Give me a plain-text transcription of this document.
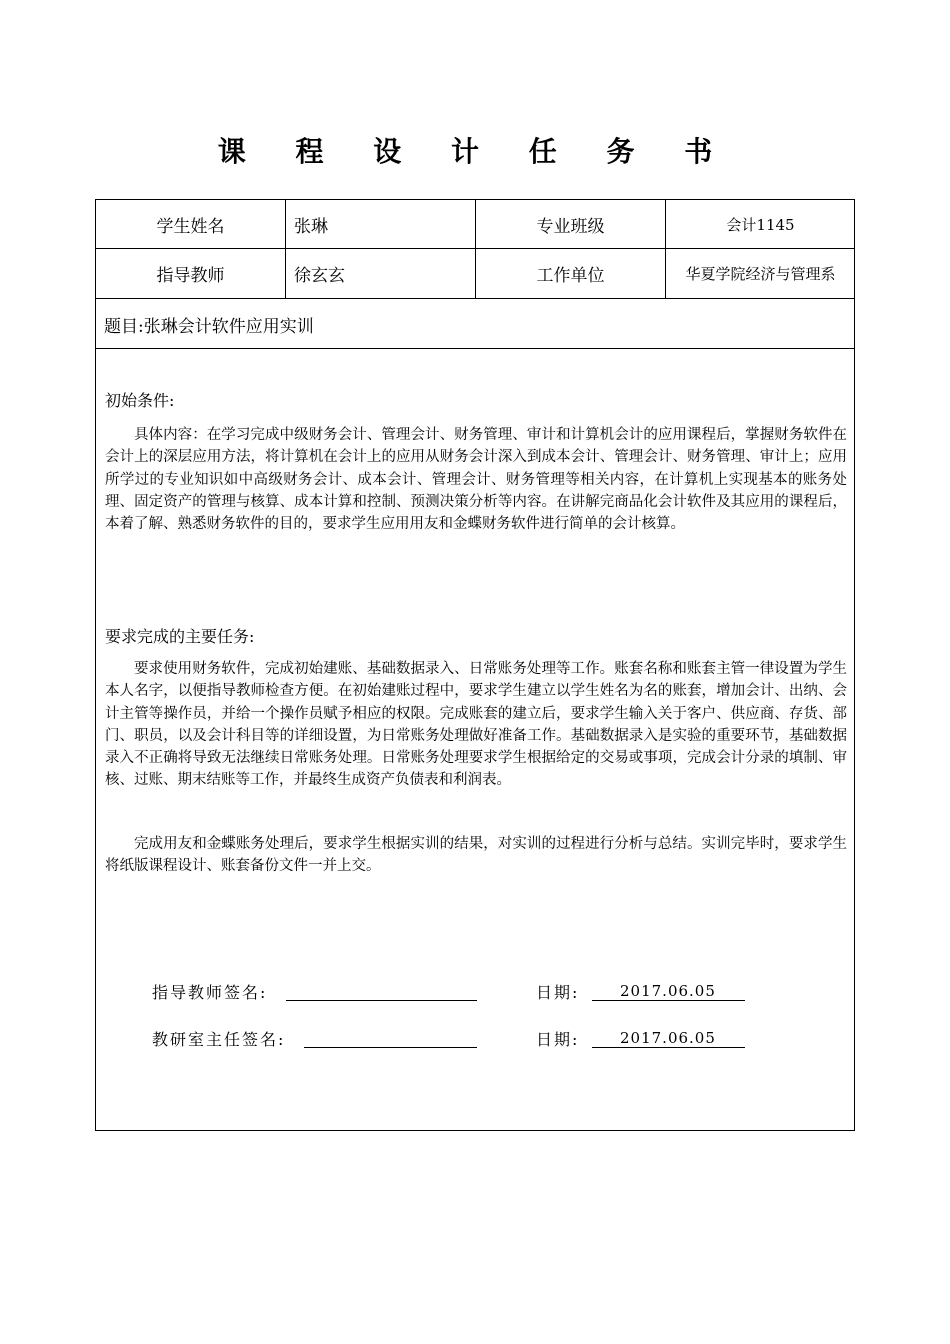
课 程 设 计 任 务 书
学生姓名	张琳	专业班级	会计1145
指导教师	徐玄玄	工作单位	华夏学院经济与管理系
题目:张琳会计软件应用实训
初始条件:

具体内容：在学习完成中级财务会计、管理会计、财务管理、审计和计算机会计的应用课程后，掌握财务软件在会计上的深层应用方法，将计算机在会计上的应用从财务会计深入到成本会计、管理会计、财务管理、审计上；应用所学过的专业知识如中高级财务会计、成本会计、管理会计、财务管理等相关内容，在计算机上实现基本的账务处理、固定资产的管理与核算、成本计算和控制、预测决策分析等内容。在讲解完商品化会计软件及其应用的课程后，本着了解、熟悉财务软件的目的，要求学生应用用友和金蝶财务软件进行简单的会计核算。

要求完成的主要任务:

要求使用财务软件，完成初始建账、基础数据录入、日常账务处理等工作。账套名称和账套主管一律设置为学生本人名字，以便指导教师检查方便。在初始建账过程中，要求学生建立以学生姓名为名的账套，增加会计、出纳、会计主管等操作员，并给一个操作员赋予相应的权限。完成账套的建立后，要求学生输入关于客户、供应商、存货、部门、职员，以及会计科目等的详细设置，为日常账务处理做好准备工作。基础数据录入是实验的重要环节，基础数据录入不正确将导致无法继续日常账务处理。日常账务处理要求学生根据给定的交易或事项，完成会计分录的填制、审核、过账、期末结账等工作，并最终生成资产负债表和利润表。

完成用友和金蝶账务处理后，要求学生根据实训的结果，对实训的过程进行分析与总结。实训完毕时，要求学生将纸版课程设计、账套备份文件一并上交。

指导教师签名:	日期:	2017.06.05
教研室主任签名:	日期:	2017.06.05
